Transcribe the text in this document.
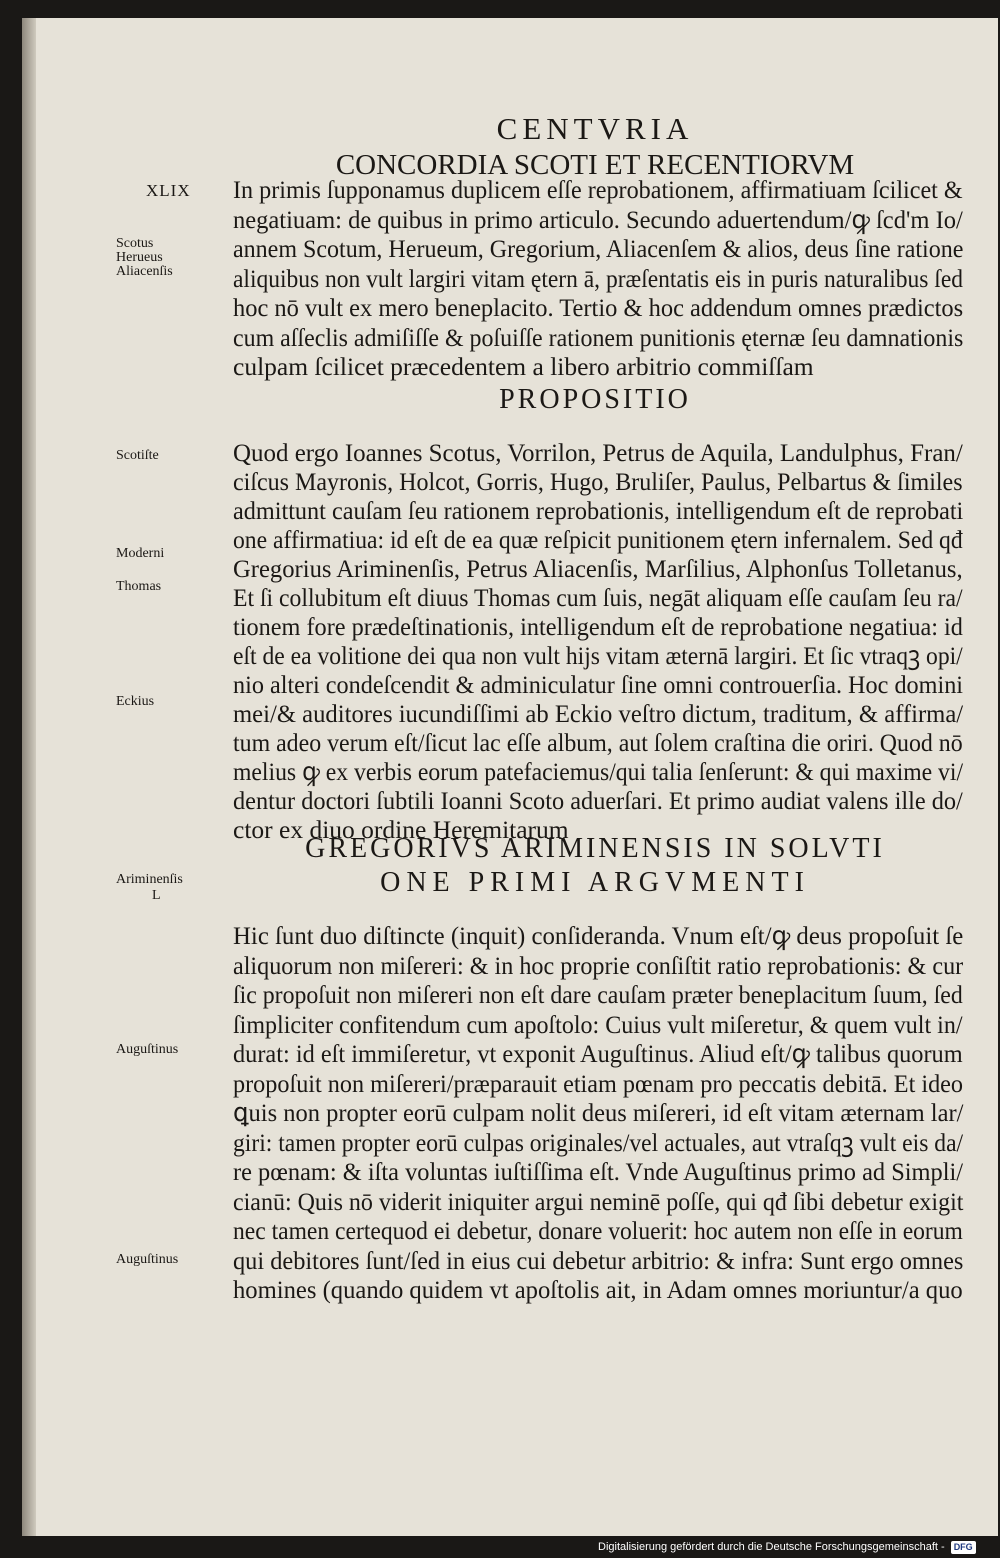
XLIX
CENTVRIA
CONCORDIA SCOTI ET RECENTIORVM
In primis ſupponamus duplicem eſſe reprobationem, affirmatiuam ſcilicet &
negatiuam: de quibus in primo articulo. Secundo aduertendum/ꝙ ſcd'm Io/
annem Scotum, Herueum, Gregorium, Aliacenſem & alios, deus ſine ratione
aliquibus non vult largiri vitam ętern ā, præſentatis eis in puris naturalibus ſed
hoc nō vult ex mero beneplacito. Tertio & hoc addendum omnes prædictos
cum aſſeclis admiſiſſe & poſuiſſe rationem punitionis ęternæ ſeu damnationis
culpam ſcilicet præcedentem a libero arbitrio commiſſam
PROPOSITIO
Quod ergo Ioannes Scotus, Vorrilon, Petrus de Aquila, Landulphus, Fran/
ciſcus Mayronis, Holcot, Gorris, Hugo, Bruliſer, Paulus, Pelbartus & ſimiles
admittunt cauſam ſeu rationem reprobationis, intelligendum eſt de reprobati
one affirmatiua: id eſt de ea quæ reſpicit punitionem ętern infernalem. Sed qđ
Gregorius Ariminenſis, Petrus Aliacenſis, Marſilius, Alphonſus Tolletanus,
Et ſi collubitum eſt diuus Thomas cum ſuis, negāt aliquam eſſe cauſam ſeu ra/
tionem fore prædeſtinationis, intelligendum eſt de reprobatione negatiua: id
eſt de ea volitione dei qua non vult hijs vitam æternā largiri. Et ſic vtraqꝫ opi/
nio alteri condeſcendit & adminiculatur ſine omni controuerſia. Hoc domini
mei/& auditores iucundiſſimi ab Eckio veſtro dictum, traditum, & affirma/
tum adeo verum eſt/ſicut lac eſſe album, aut ſolem craſtina die oriri. Quod nō
melius ꝙ ex verbis eorum patefaciemus/qui talia ſenſerunt: & qui maxime vi/
dentur doctori ſubtili Ioanni Scoto aduerſari. Et primo audiat valens ille do/
ctor ex diuo ordine Heremitarum
GREGORIVS ARIMINENSIS IN SOLVTI
ONE PRIMI ARGVMENTI
Hic ſunt duo diſtincte (inquit) conſideranda. Vnum eſt/ꝙ deus propoſuit ſe
aliquorum non miſereri: & in hoc proprie conſiſtit ratio reprobationis: & cur
ſic propoſuit non miſereri non eſt dare cauſam præter beneplacitum ſuum, ſed
ſimpliciter confitendum cum apoſtolo: Cuius vult miſeretur, & quem vult in/
durat: id eſt immiſeretur, vt exponit Auguſtinus. Aliud eſt/ꝙ talibus quorum
propoſuit non miſereri/præparauit etiam pœnam pro peccatis debitā. Et ideo
ꝗuis non propter eorū culpam nolit deus miſereri, id eſt vitam æternam lar/
giri: tamen propter eorū culpas originales/vel actuales, aut vtraſqꝫ vult eis da/
re pœnam: & iſta voluntas iuſtiſſima eſt. Vnde Auguſtinus primo ad Simpli/
cianū: Quis nō viderit iniquiter argui neminē poſſe, qui qđ ſibi debetur exigit
nec tamen certequod ei debetur, donare voluerit: hoc autem non eſſe in eorum
qui debitores ſunt/ſed in eius cui debetur arbitrio: & infra: Sunt ergo omnes
homines (quando quidem vt apoſtolis ait, in Adam omnes moriuntur/a quo
Scotus
Herueus
Aliacenſis
Scotiſte
Moderni
Thomas
Eckius
Ariminenſis
L
Auguſtinus
Auguſtinus
Digitalisierung gefördert durch die Deutsche Forschungsgemeinschaft -	DFG
